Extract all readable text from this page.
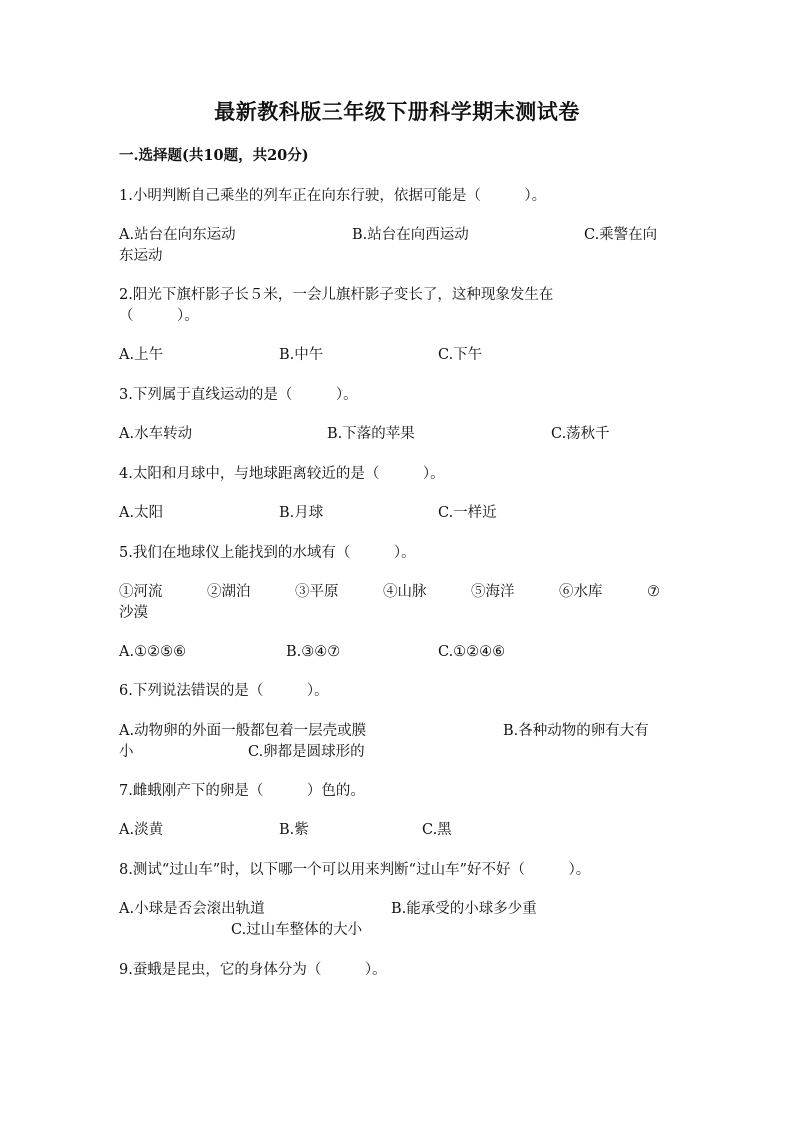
最新教科版三年级下册科学期末测试卷
一.选择题(共10题，共20分)
1.小明判断自己乘坐的列车正在向东行驶，依据可能是（　　　）。
A.站台在向东运动	B.站台在向西运动	C.乘警在向
东运动
2.阳光下旗杆影子长５米，一会儿旗杆影子变长了，这种现象发生在
（　　　）。
A.上午	B.中午	C.下午
3.下列属于直线运动的是（　　　）。
A.水车转动	B.下落的苹果	C.荡秋千
4.太阳和月球中，与地球距离较近的是（　　　）。
A.太阳	B.月球	C.一样近
5.我们在地球仪上能找到的水域有（　　　）。
①河流	②湖泊	③平原	④山脉	⑤海洋	⑥水库	⑦
沙漠
A.①②⑤⑥	B.③④⑦	C.①②④⑥
6.下列说法错误的是（　　　）。
A.动物卵的外面一般都包着一层壳或膜	B.各种动物的卵有大有
小	C.卵都是圆球形的
7.雌蛾刚产下的卵是（　　　）色的。
A.淡黄	B.紫	C.黑
8.测试“过山车”时，以下哪一个可以用来判断“过山车”好不好（　　　）。
A.小球是否会滚出轨道	B.能承受的小球多少重
C.过山车整体的大小
9.蚕蛾是昆虫，它的身体分为（　　　）。
